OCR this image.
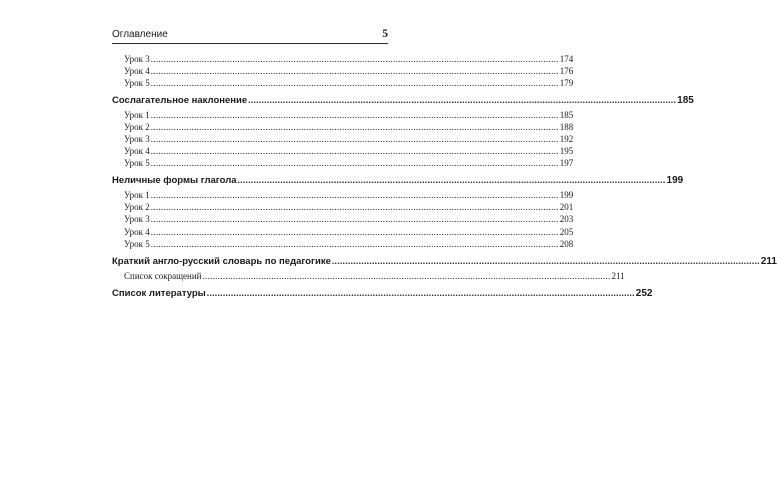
Оглавление	5
Урок 3 ................................................................................................................................................................ 174
Урок 4 ................................................................................................................................................................ 176
Урок 5 ................................................................................................................................................................ 179
Сослагательное наклонение ................................................................................................................................................................ 185
Урок 1 ................................................................................................................................................................ 185
Урок 2 ................................................................................................................................................................ 188
Урок 3 ................................................................................................................................................................ 192
Урок 4 ................................................................................................................................................................ 195
Урок 5 ................................................................................................................................................................ 197
Неличные формы глагола ................................................................................................................................................................ 199
Урок 1 ................................................................................................................................................................ 199
Урок 2 ................................................................................................................................................................ 201
Урок 3 ................................................................................................................................................................ 203
Урок 4 ................................................................................................................................................................ 205
Урок 5 ................................................................................................................................................................ 208
Краткий англо-русский словарь по педагогике ................................................................................................................................................................ 211
Список сокращений ................................................................................................................................................................ 211
Список литературы ................................................................................................................................................................ 252
